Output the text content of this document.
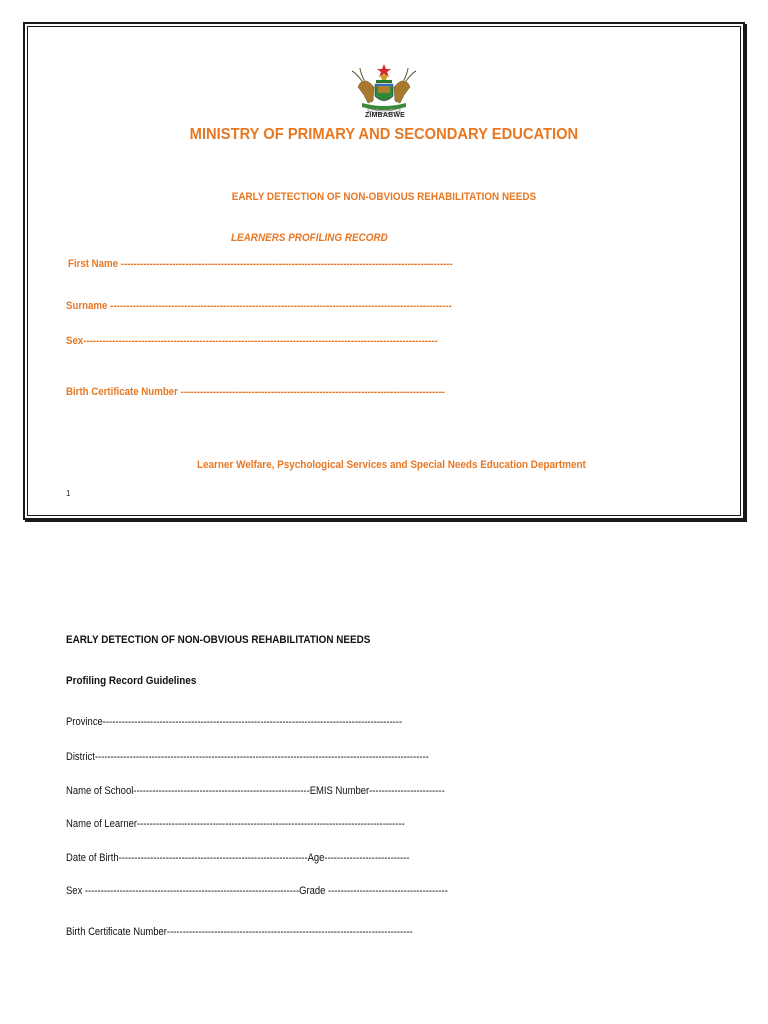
ZIMBABWE

MINISTRY OF PRIMARY AND SECONDARY EDUCATION

EARLY DETECTION OF NON-OBVIOUS REHABILITATION NEEDS

LEARNERS PROFILING RECORD

First Name -------------------------------------------------------------------------------------------------------

Surname ----------------------------------------------------------------------------------------------------------

Sex--------------------------------------------------------------------------------------------------------------

Birth Certificate Number ----------------------------------------------------------------------------------

Learner Welfare, Psychological Services and Special Needs Education Department

1

EARLY DETECTION OF NON-OBVIOUS REHABILITATION NEEDS

Profiling Record Guidelines

Province-----------------------------------------------------------------------------------------------

District----------------------------------------------------------------------------------------------------------

Name of School--------------------------------------------------------EMIS Number------------------------

Name of Learner-------------------------------------------------------------------------------------

Date of Birth------------------------------------------------------------Age---------------------------

Sex --------------------------------------------------------------------Grade --------------------------------------

Birth Certificate Number------------------------------------------------------------------------------
